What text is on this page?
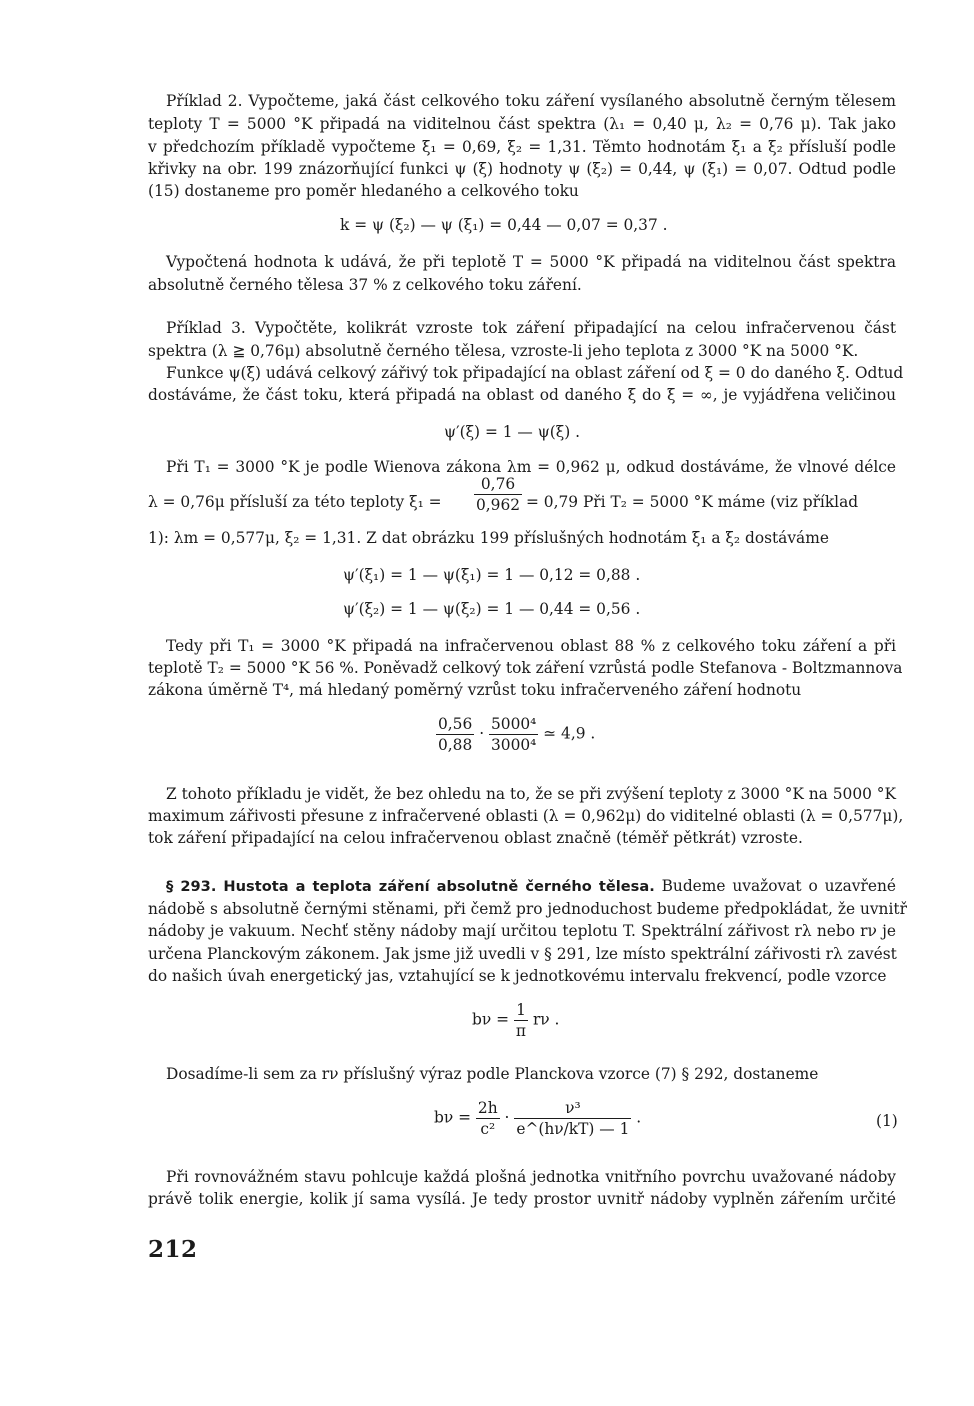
Příklad 2. Vypočteme, jaká část celkového toku záření vysílaného absolutně černým tělesem
teploty T = 5000 °K připadá na viditelnou část spektra (λ₁ = 0,40 μ, λ₂ = 0,76 μ). Tak jako
v předchozím příkladě vypočteme ξ₁ = 0,69, ξ₂ = 1,31. Těmto hodnotám ξ₁ a ξ₂ přísluší podle
křivky na obr. 199 znázorňující funkci ψ (ξ) hodnoty ψ (ξ₂) = 0,44, ψ (ξ₁) = 0,07. Odtud podle
(15) dostaneme pro poměr hledaného a celkového toku
k = ψ (ξ₂) — ψ (ξ₁) = 0,44 — 0,07 = 0,37 .
Vypočtená hodnota k udává, že při teplotě T = 5000 °K připadá na viditelnou část spektra
absolutně černého tělesa 37 % z celkového toku záření.
Příklad 3. Vypočtěte, kolikrát vzroste tok záření připadající na celou infračervenou část
spektra (λ ≧ 0,76μ) absolutně černého tělesa, vzroste-li jeho teplota z 3000 °K na 5000 °K.
Funkce ψ(ξ) udává celkový zářivý tok připadající na oblast záření od ξ = 0 do daného ξ. Odtud
dostáváme, že část toku, která připadá na oblast od daného ξ do ξ = ∞, je vyjádřena veličinou
ψ′(ξ) = 1 — ψ(ξ) .
Při T₁ = 3000 °K je podle Wienova zákona λm = 0,962 μ, odkud dostáváme, že vlnové délce
λ = 0,76μ přísluší za této teploty $\xi_1 = \frac{0,76}{0,962} = 0,79$ Při T₂ = 5000 °K máme (viz příklad
1): λm = 0,577μ, ξ₂ = 1,31. Z dat obrázku 199 příslušných hodnotám ξ₁ a ξ₂ dostáváme
ψ′(ξ₁) = 1 — ψ(ξ₁) = 1 — 0,12 = 0,88 .
ψ′(ξ₂) = 1 — ψ(ξ₂) = 1 — 0,44 = 0,56 .
Tedy při T₁ = 3000 °K připadá na infračervenou oblast 88 % z celkového toku záření a při
teplotě T₂ = 5000 °K 56 %. Poněvadž celkový tok záření vzrůstá podle Stefanova - Boltzmannova
zákona úměrně T⁴, má hledaný poměrný vzrůst toku infračerveného záření hodnotu
$\frac{0,56}{0,88} \cdot \frac{\text{5000⁴}}{\text{3000⁴}}$ ≃ 4,9 .
Z tohoto příkladu je vidět, že bez ohledu na to, že se při zvýšení teploty z 3000 °K na 5000 °K
maximum zářivosti přesune z infračervené oblasti (λ = 0,962μ) do viditelné oblasti (λ = 0,577μ),
tok záření připadající na celou infračervenou oblast značně (téměř pětkrát) vzroste.
§ 293. Hustota a teplota záření absolutně černého tělesa. Budeme uvažovat o uzavřené
nádobě s absolutně černými stěnami, při čemž pro jednoduchost budeme předpokládat, že uvnitř
nádoby je vakuum. Nechť stěny nádoby mají určitou teplotu T. Spektrální zářivost rλ nebo rν je
určena Planckovým zákonem. Jak jsme již uvedli v § 291, lze místo spektrální zářivosti rλ zavést
do našich úvah energetický jas, vztahující se k jednotkovému intervalu frekvencí, podle vzorce
$b\nu = \frac{1}{\pi}$ rν .
Dosadíme-li sem za rν příslušný výraz podle Planckova vzorce (7) § 292, dostaneme
$b\nu = \frac{2h}{\text{c²}} \cdot \frac{\text{ν³}}{e\^{}(h\nu/kT) — 1}$ .	(1)
Při rovnovážném stavu pohlcuje každá plošná jednotka vnitřního povrchu uvažované nádoby
právě tolik energie, kolik jí sama vysílá. Je tedy prostor uvnitř nádoby vyplněn zářením určité
212
